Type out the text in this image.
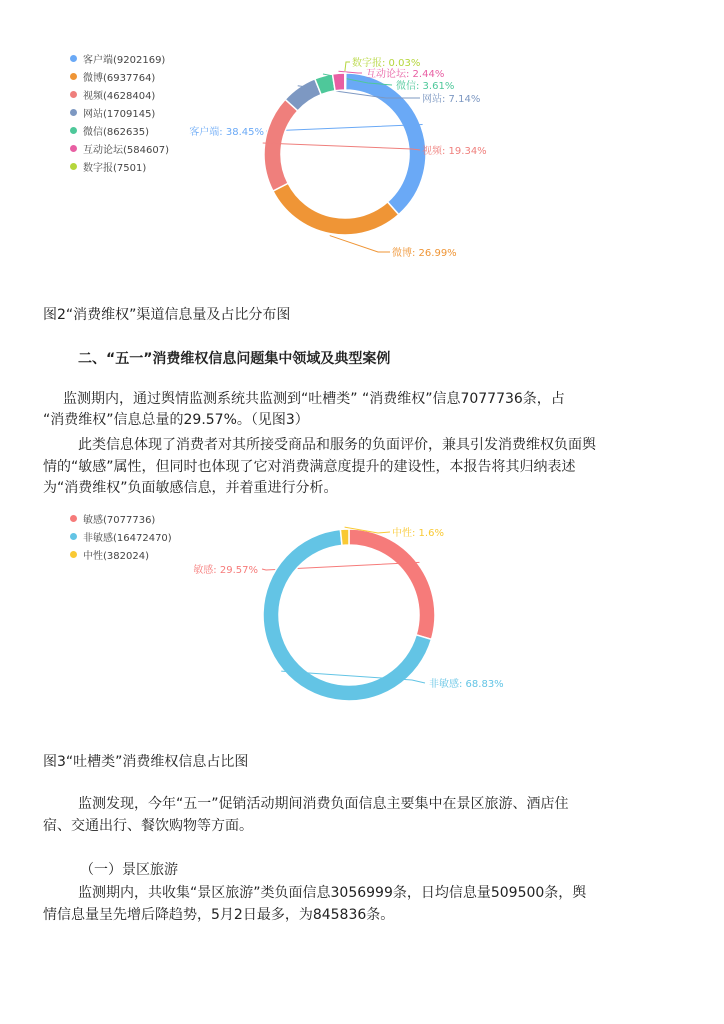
客户端(9202169)
微博(6937764)
视频(4628404)
网站(1709145)
微信(862635)
互动论坛(584607)
数字报(7501)
客户端: 38.45%
微博: 26.99%
视频: 19.34%
网站: 7.14%
微信: 3.61%
互动论坛: 2.44%
数字报: 0.03%
图2“消费维权”渠道信息量及占比分布图
二、“五一”消费维权信息问题集中领域及典型案例
监测期内，通过舆情监测系统共监测到“吐槽类” “消费维权”信息7077736条，占
“消费维权”信息总量的29.57%。（见图3）
此类信息体现了消费者对其所接受商品和服务的负面评价，兼具引发消费维权负面舆
情的“敏感”属性，但同时也体现了它对消费满意度提升的建设性，本报告将其归纳表述
为“消费维权”负面敏感信息，并着重进行分析。
敏感(7077736)
非敏感(16472470)
中性(382024)
敏感: 29.57%
非敏感: 68.83%
中性: 1.6%
图3“吐槽类”消费维权信息占比图
监测发现，今年“五一”促销活动期间消费负面信息主要集中在景区旅游、酒店住
宿、交通出行、餐饮购物等方面。
（一）景区旅游
监测期内，共收集“景区旅游”类负面信息3056999条，日均信息量509500条，舆
情信息量呈先增后降趋势，5月2日最多，为845836条。
